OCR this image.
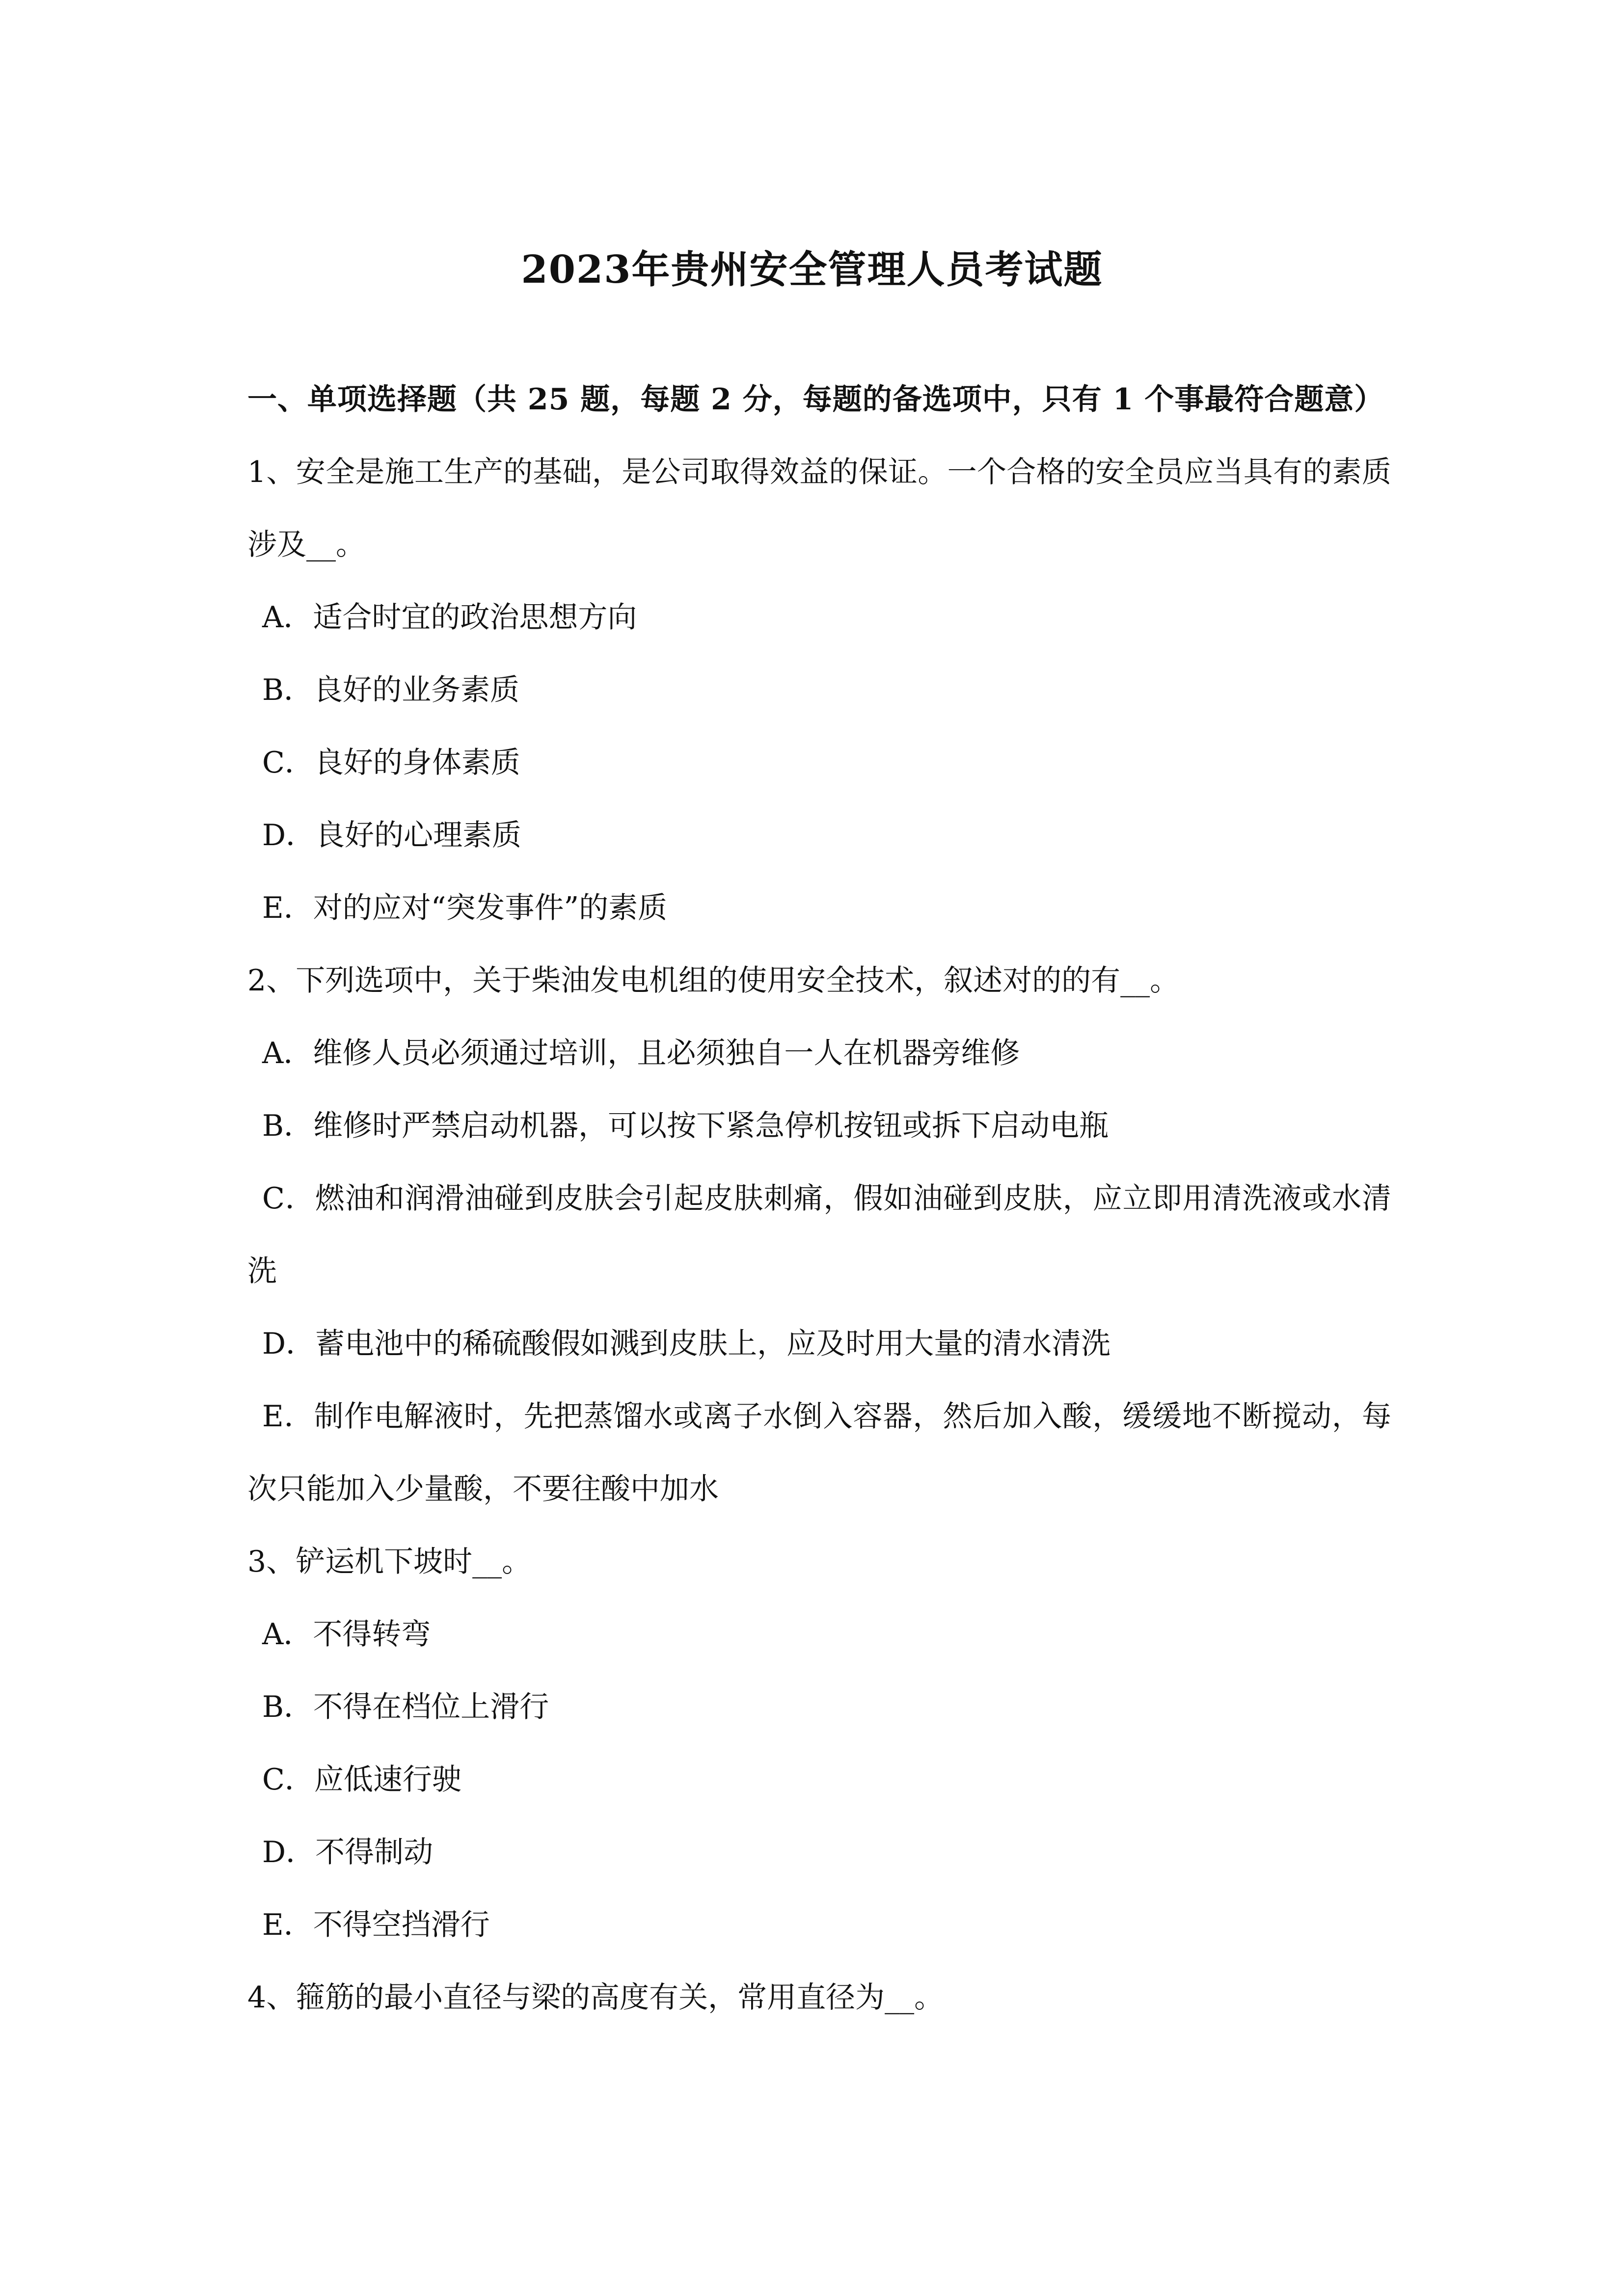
2023年贵州安全管理人员考试题
一、单项选择题（共 25 题，每题 2 分，每题的备选项中，只有 1 个事最符合题意）
1、安全是施工生产的基础，是公司取得效益的保证。一个合格的安全员应当具有的素质涉及__。
A．适合时宜的政治思想方向
B．良好的业务素质
C．良好的身体素质
D．良好的心理素质
E．对的应对“突发事件”的素质
2、下列选项中，关于柴油发电机组的使用安全技术，叙述对的的有__。
A．维修人员必须通过培训，且必须独自一人在机器旁维修
B．维修时严禁启动机器，可以按下紧急停机按钮或拆下启动电瓶
C．燃油和润滑油碰到皮肤会引起皮肤刺痛，假如油碰到皮肤，应立即用清洗液或水清洗
D．蓄电池中的稀硫酸假如溅到皮肤上，应及时用大量的清水清洗
E．制作电解液时，先把蒸馏水或离子水倒入容器，然后加入酸，缓缓地不断搅动，每次只能加入少量酸，不要往酸中加水
3、铲运机下坡时__。
A．不得转弯
B．不得在档位上滑行
C．应低速行驶
D．不得制动
E．不得空挡滑行
4、箍筋的最小直径与梁的高度有关，常用直径为__。
